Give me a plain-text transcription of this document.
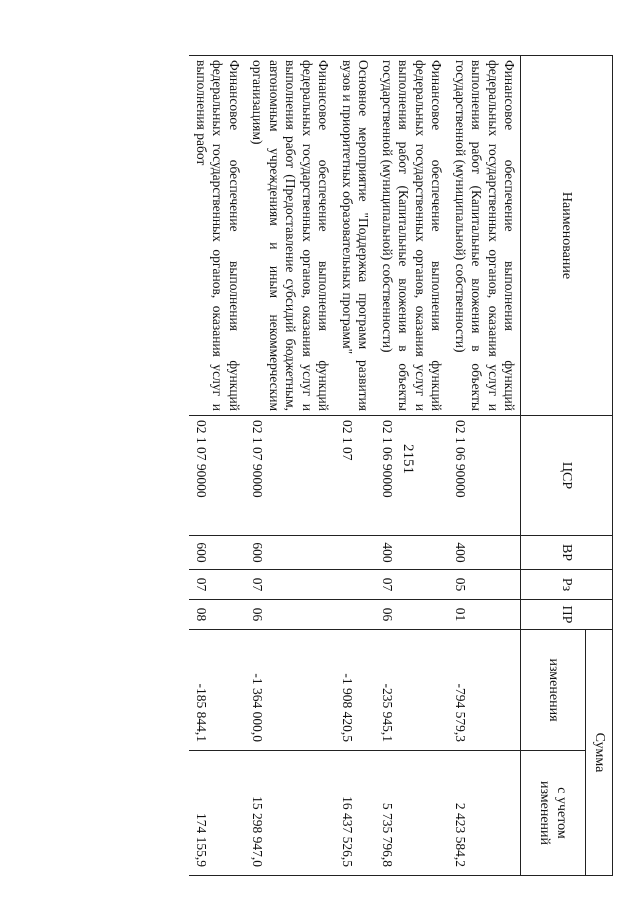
2151
Наименование	ЦСР	ВР	Рз	ПР	Сумма	
					изменения	с учетом изменений
Финансовое обеспечение выполнения функций федеральных государственных органов, оказания услуг и выполнения работ (Капитальные вложения в объекты государственной (муниципальной) собственности)	02 1 06 90000	400	05	01	-794 579,3	2 423 584,2
Финансовое обеспечение выполнения функций федеральных государственных органов, оказания услуг и выполнения работ (Капитальные вложения в объекты государственной (муниципальной) собственности)	02 1 06 90000	400	07	06	-235 945,1	5 735 796,8
Основное мероприятие "Поддержка программ развития вузов и приоритетных образовательных программ"	02 1 07				-1 908 420,5	16 437 526,5
Финансовое обеспечение выполнения функций федеральных государственных органов, оказания услуг и выполнения работ (Предоставление субсидий бюджетным, автономным учреждениям и иным некоммерческим организациям)	02 1 07 90000	600	07	06	-1 364 000,0	15 298 947,0
Финансовое обеспечение выполнения функций федеральных государственных органов, оказания услуг и выполнения работ	02 1 07 90000	600	07	08	-185 844,1	174 155,9
